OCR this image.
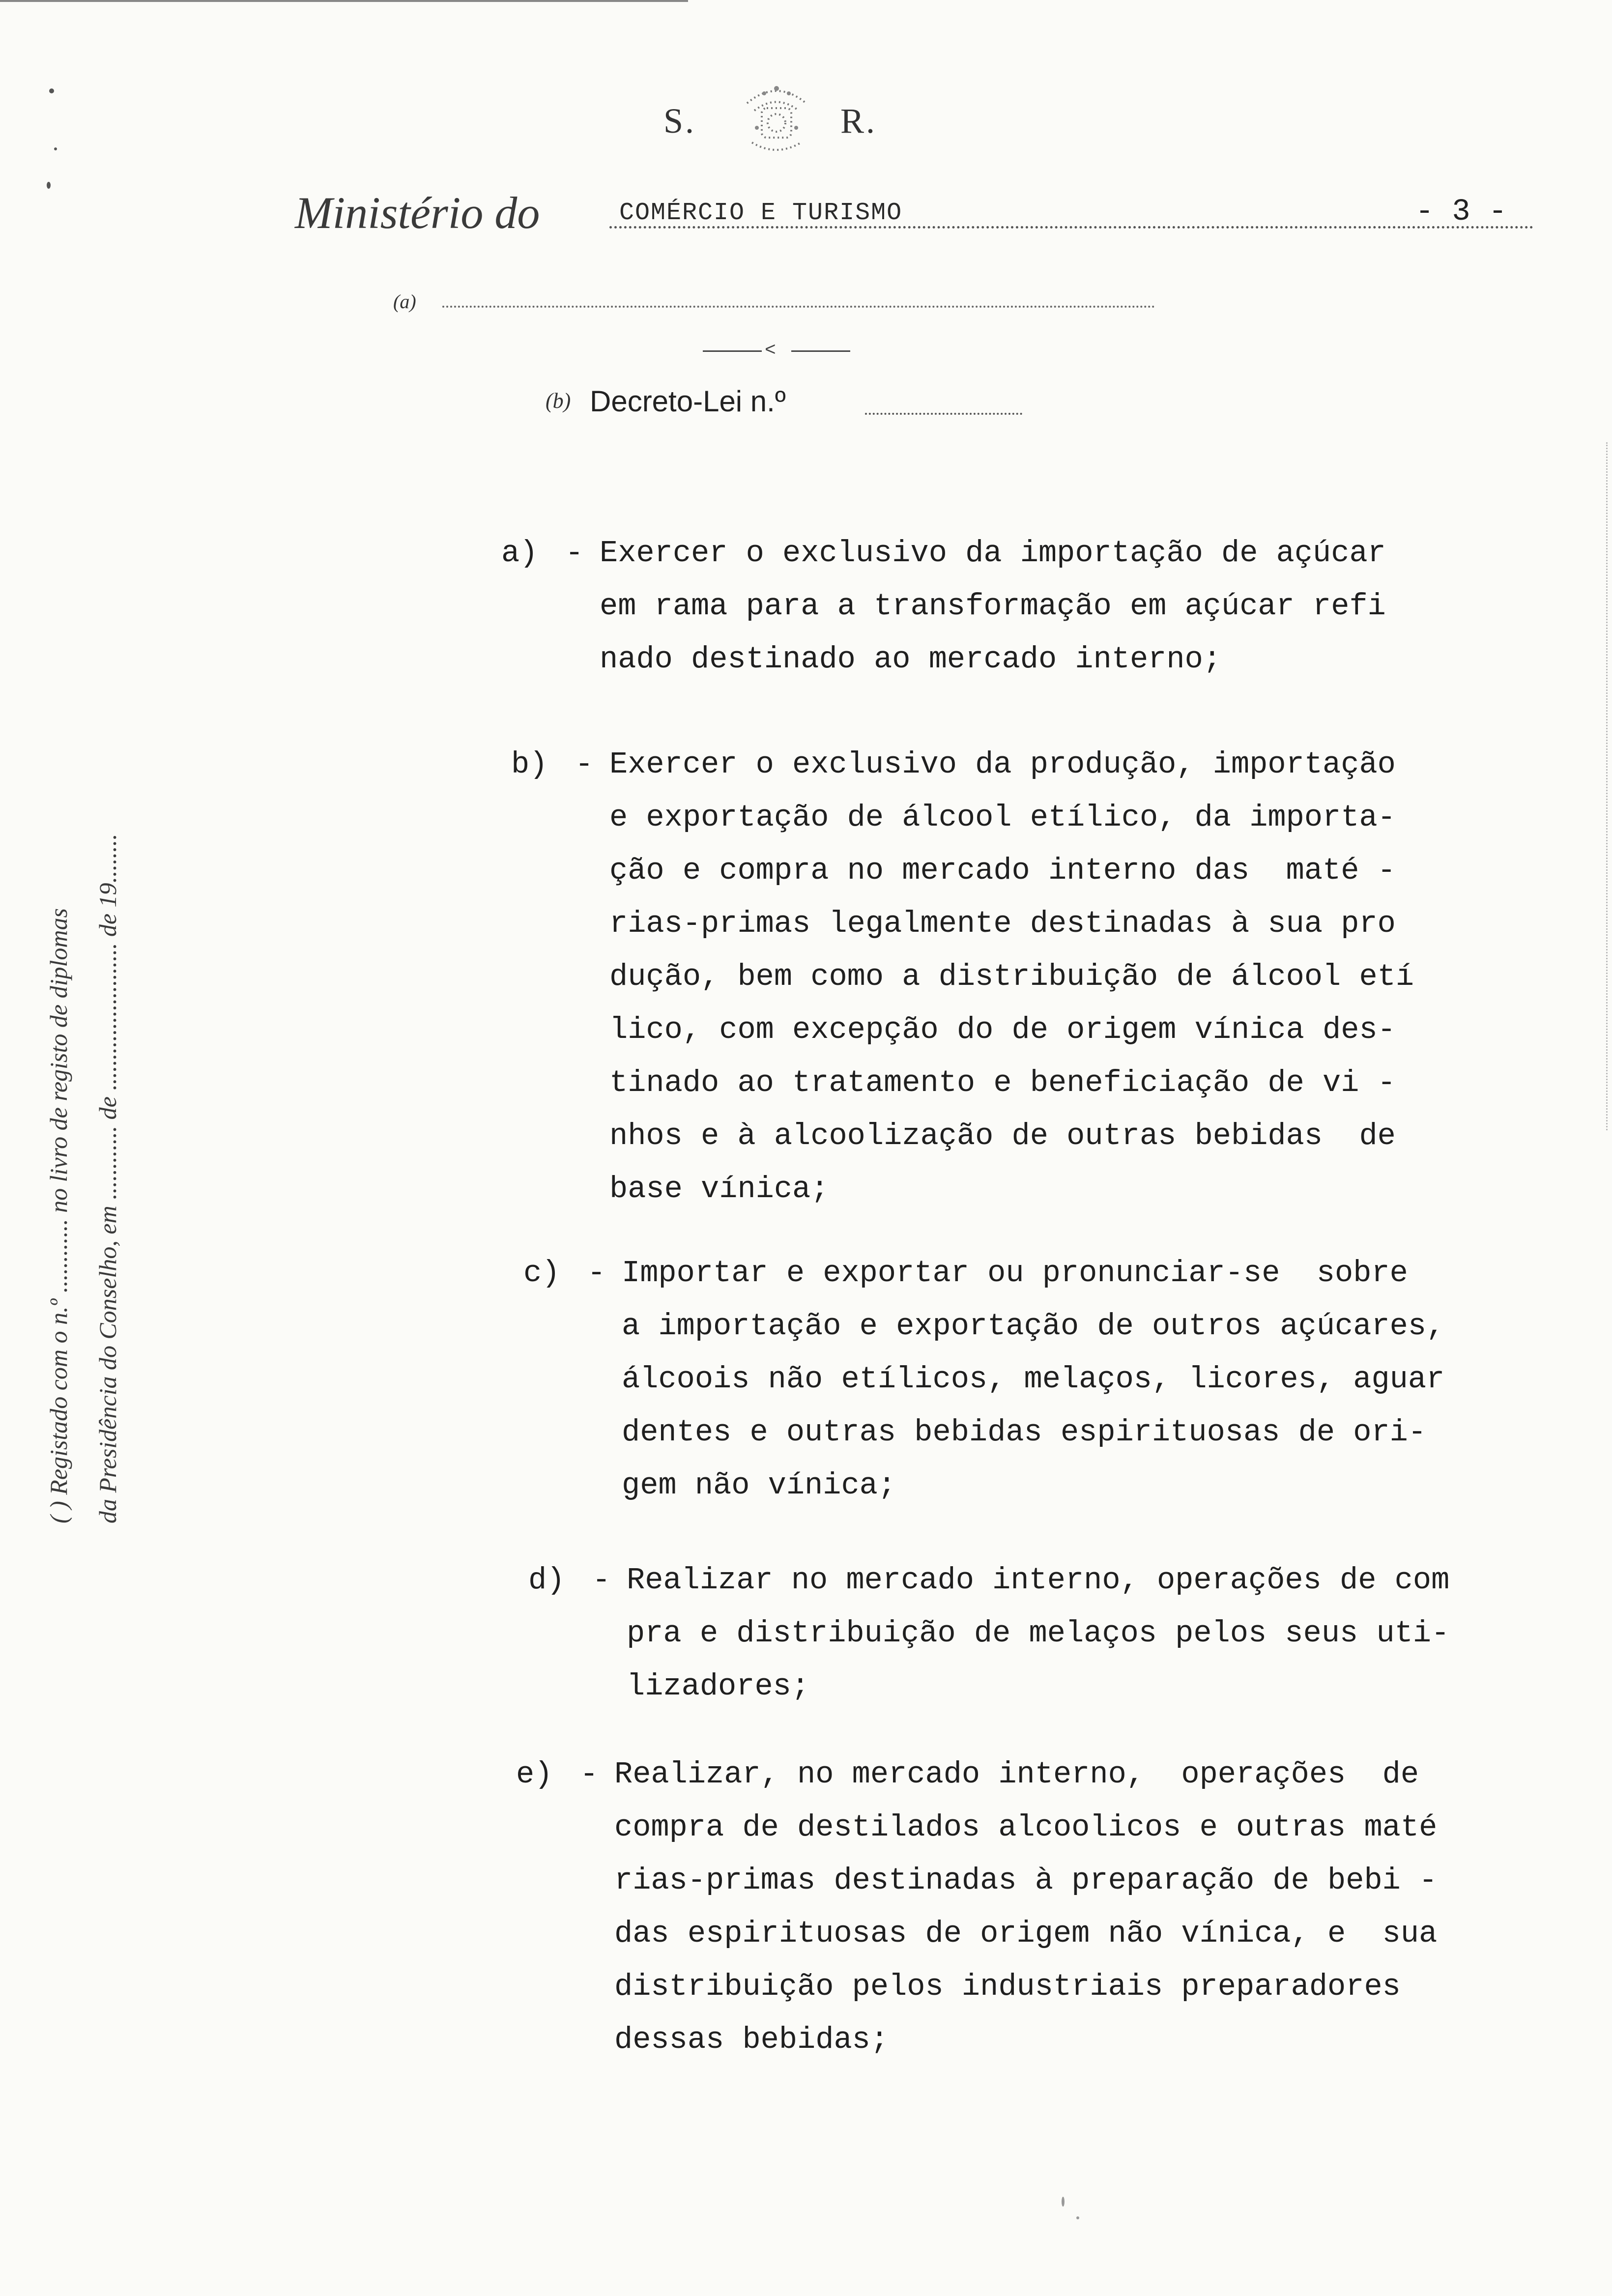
S.	R.
Ministério do	COMÉRCIO E TURISMO	- 3 -
(a)
<
(b) Decreto-Lei n.º
( ) Registado com o n.º ............ no livro de registo de diplomas da Presidência do Conselho, em ............ de ........................ de 19........
a) - Exercer o exclusivo da importação de açúcar
em rama para a transformação em açúcar refi
nado destinado ao mercado interno;
b) - Exercer o exclusivo da produção, importação
e exportação de álcool etílico, da importa-
ção e compra no mercado interno das  maté -
rias-primas legalmente destinadas à sua pro
dução, bem como a distribuição de álcool etí
lico, com excepção do de origem vínica des-
tinado ao tratamento e beneficiação de vi -
nhos e à alcoolização de outras bebidas  de
base vínica;
c) - Importar e exportar ou pronunciar-se  sobre
a importação e exportação de outros açúcares,
álcoois não etílicos, melaços, licores, aguar
dentes e outras bebidas espirituosas de ori-
gem não vínica;
d) - Realizar no mercado interno, operações de com
pra e distribuição de melaços pelos seus uti-
lizadores;
e) - Realizar, no mercado interno,  operações  de
compra de destilados alcoolicos e outras maté
rias-primas destinadas à preparação de bebi -
das espirituosas de origem não vínica, e  sua
distribuição pelos industriais preparadores
dessas bebidas;
